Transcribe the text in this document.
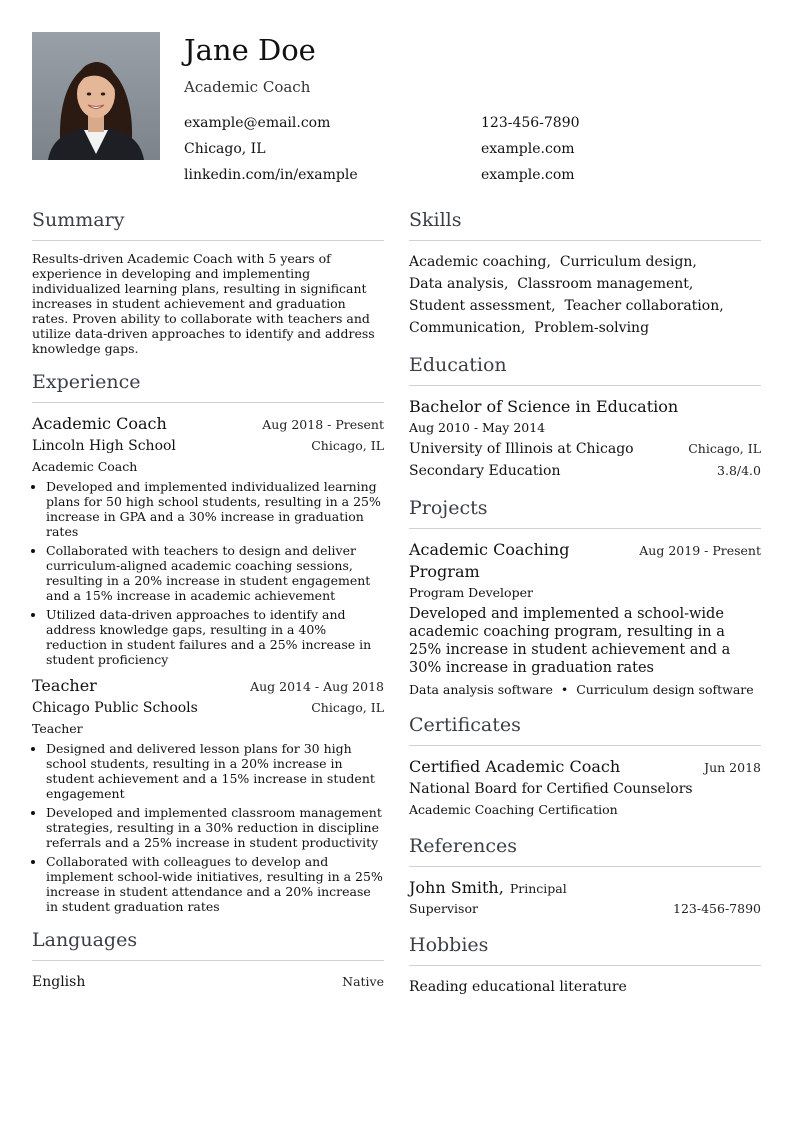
Jane Doe
Academic Coach
example@email.com	123-456-7890
Chicago, IL	example.com
linkedin.com/in/example	example.com
Summary

Results-driven Academic Coach with 5 years of experience in developing and implementing individualized learning plans, resulting in significant increases in student achievement and graduation rates. Proven ability to collaborate with teachers and utilize data-driven approaches to identify and address knowledge gaps.

Experience
Academic Coach	Aug 2018 - Present
Lincoln High School	Chicago, IL
Academic Coach
• Developed and implemented individualized learning plans for 50 high school students, resulting in a 25% increase in GPA and a 30% increase in graduation rates
• Collaborated with teachers to design and deliver curriculum-aligned academic coaching sessions, resulting in a 20% increase in student engagement and a 15% increase in academic achievement
• Utilized data-driven approaches to identify and address knowledge gaps, resulting in a 40% reduction in student failures and a 25% increase in student proficiency
Teacher	Aug 2014 - Aug 2018
Chicago Public Schools	Chicago, IL
Teacher
• Designed and delivered lesson plans for 30 high school students, resulting in a 20% increase in student achievement and a 15% increase in student engagement
• Developed and implemented classroom management strategies, resulting in a 30% reduction in discipline referrals and a 25% increase in student productivity
• Collaborated with colleagues to develop and implement school-wide initiatives, resulting in a 25% increase in student attendance and a 20% increase in student graduation rates
Languages
English	Native
Skills
Academic coaching, Curriculum design,
Data analysis, Classroom management,
Student assessment, Teacher collaboration,
Communication, Problem-solving
Education
Bachelor of Science in Education
Aug 2010 - May 2014
University of Illinois at Chicago	Chicago, IL
Secondary Education	3.8/4.0
Projects
Academic Coaching Program
Aug 2019 - Present
Program Developer
Developed and implemented a school-wide academic coaching program, resulting in a 25% increase in student achievement and a 30% increase in graduation rates
Data analysis software • Curriculum design software
Certificates
Certified Academic Coach	Jun 2018
National Board for Certified Counselors
Academic Coaching Certification
References
John Smith, Principal
Supervisor	123-456-7890
Hobbies
Reading educational literature
